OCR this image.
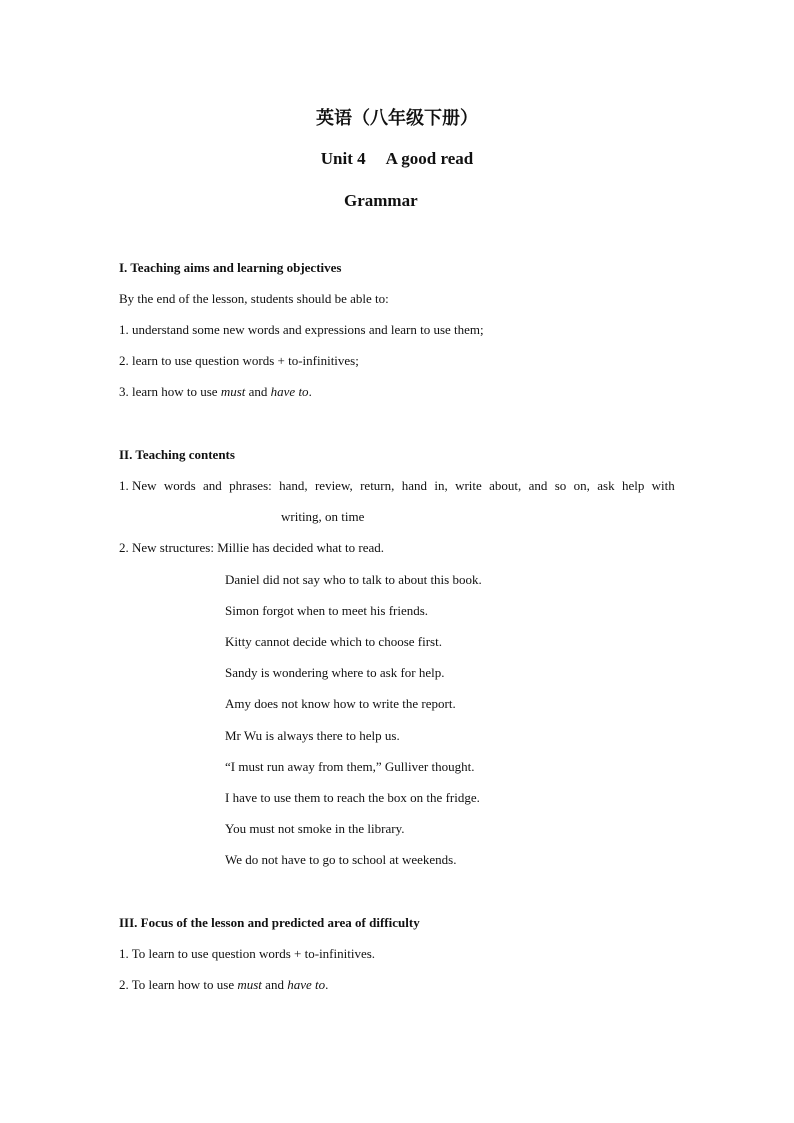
英语（八年级下册）
Unit 4 A good read
Grammar
I. Teaching aims and learning objectives
By the end of the lesson, students should be able to:
1. understand some new words and expressions and learn to use them;
2. learn to use question words + to-infinitives;
3. learn how to use must and have to.
II. Teaching contents
1. New words and phrases: hand, review, return, hand in, write about, and so on, ask help with
writing, on time
2. New structures: Millie has decided what to read.
Daniel did not say who to talk to about this book.
Simon forgot when to meet his friends.
Kitty cannot decide which to choose first.
Sandy is wondering where to ask for help.
Amy does not know how to write the report.
Mr Wu is always there to help us.
“I must run away from them,” Gulliver thought.
I have to use them to reach the box on the fridge.
You must not smoke in the library.
We do not have to go to school at weekends.
III. Focus of the lesson and predicted area of difficulty
1. To learn to use question words + to-infinitives.
2. To learn how to use must and have to.
